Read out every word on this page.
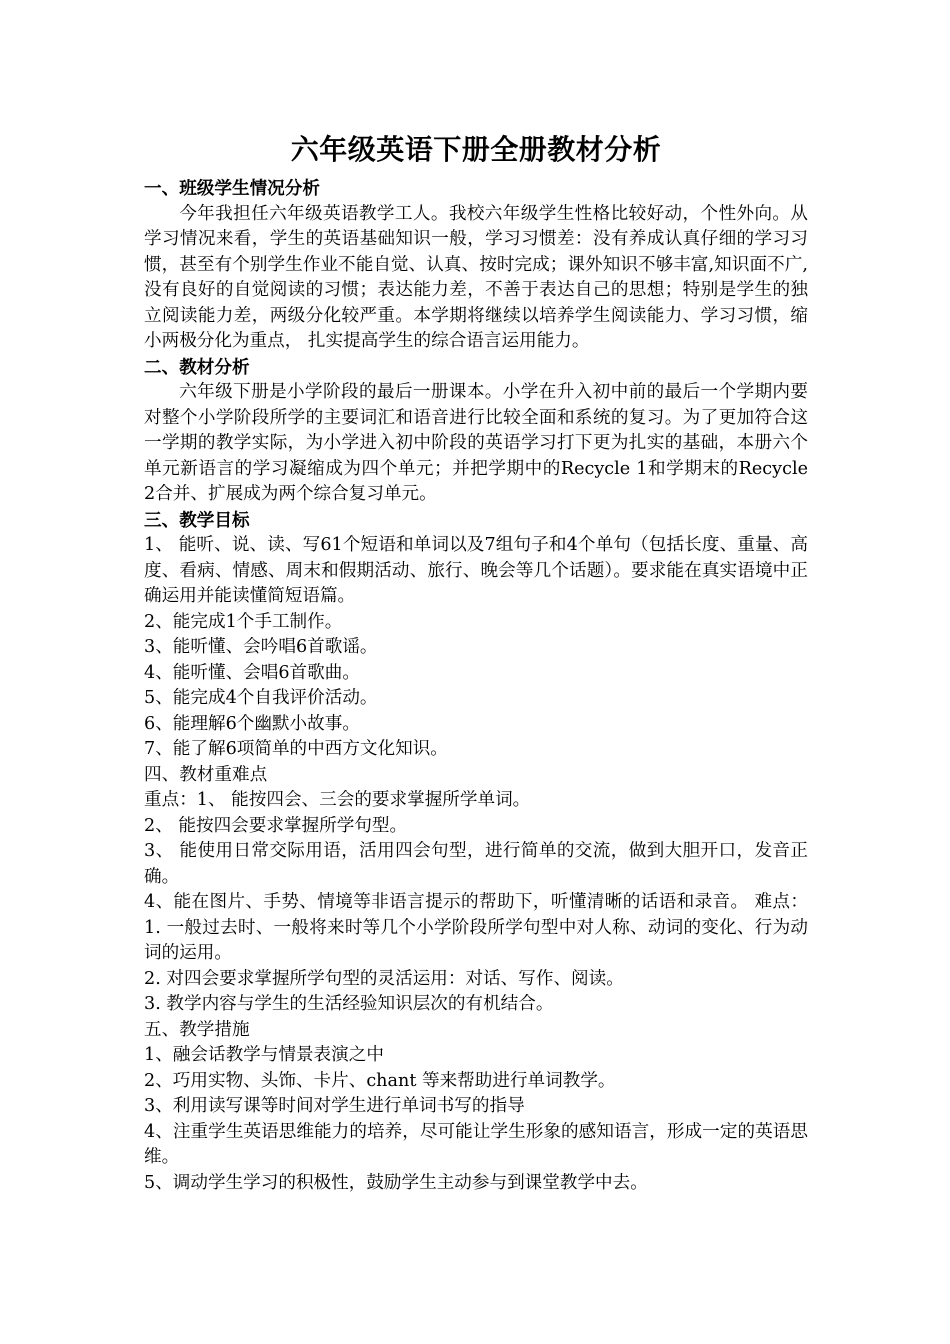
六年级英语下册全册教材分析

一、班级学生情况分析

今年我担任六年级英语教学工人。我校六年级学生性格比较好动，个性外向。从学习情况来看，学生的英语基础知识一般，学习习惯差：没有养成认真仔细的学习习惯，甚至有个别学生作业不能自觉、认真、按时完成；课外知识不够丰富,知识面不广,没有良好的自觉阅读的习惯；表达能力差，不善于表达自己的思想；特别是学生的独立阅读能力差，两级分化较严重。本学期将继续以培养学生阅读能力、学习习惯，缩小两极分化为重点， 扎实提高学生的综合语言运用能力。

二、教材分析

六年级下册是小学阶段的最后一册课本。小学在升入初中前的最后一个学期内要对整个小学阶段所学的主要词汇和语音进行比较全面和系统的复习。为了更加符合这一学期的教学实际，为小学进入初中阶段的英语学习打下更为扎实的基础，本册六个单元新语言的学习凝缩成为四个单元；并把学期中的Recycle 1和学期末的Recycle 2合并、扩展成为两个综合复习单元。

三、教学目标

1、 能听、说、读、写61个短语和单词以及7组句子和4个单句（包括长度、重量、高度、看病、情感、周末和假期活动、旅行、晚会等几个话题）。要求能在真实语境中正确运用并能读懂简短语篇。

2、能完成1个手工制作。

3、能听懂、会吟唱6首歌谣。

4、能听懂、会唱6首歌曲。

5、能完成4个自我评价活动。

6、能理解6个幽默小故事。

7、能了解6项简单的中西方文化知识。

四、教材重难点

重点：1、 能按四会、三会的要求掌握所学单词。

2、 能按四会要求掌握所学句型。

3、 能使用日常交际用语，活用四会句型，进行简单的交流，做到大胆开口，发音正确。

4、能在图片、手势、情境等非语言提示的帮助下，听懂清晰的话语和录音。 难点：1. 一般过去时、一般将来时等几个小学阶段所学句型中对人称、动词的变化、行为动词的运用。

2. 对四会要求掌握所学句型的灵活运用：对话、写作、阅读。

3. 教学内容与学生的生活经验知识层次的有机结合。

五、教学措施

1、融会话教学与情景表演之中

2、巧用实物、头饰、卡片、chant 等来帮助进行单词教学。

3、利用读写课等时间对学生进行单词书写的指导

4、注重学生英语思维能力的培养，尽可能让学生形象的感知语言，形成一定的英语思维。

5、调动学生学习的积极性，鼓励学生主动参与到课堂教学中去。
